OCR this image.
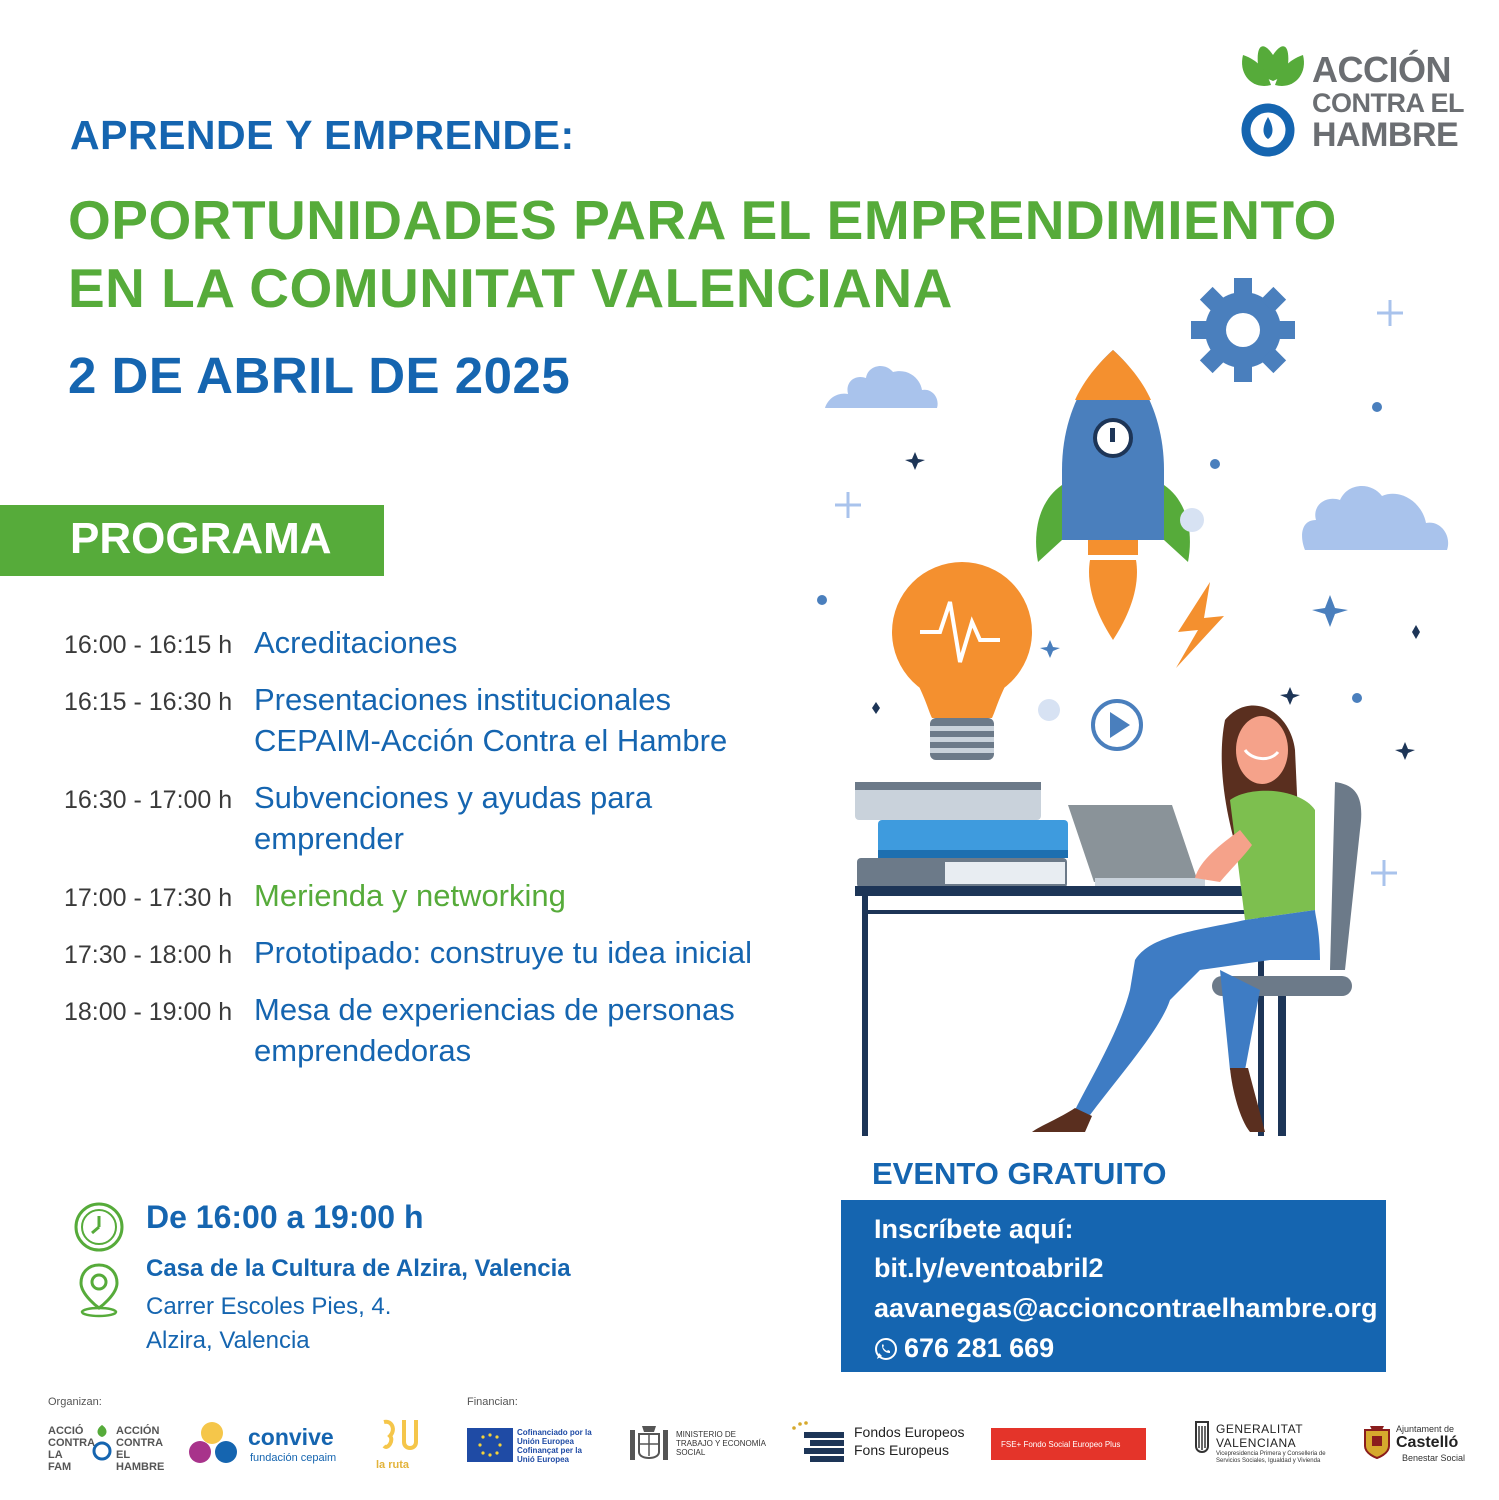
APRENDE Y EMPRENDE:
OPORTUNIDADES PARA EL EMPRENDIMIENTO
EN LA COMUNITAT VALENCIANA
2 DE ABRIL DE 2025
ACCIÓN
CONTRA EL
HAMBRE
PROGRAMA
16:00 - 16:15 h Acreditaciones
16:15 - 16:30 h Presentaciones institucionales
CEPAIM-Acción Contra el Hambre
16:30 - 17:00 h Subvenciones y ayudas para
emprender
17:00 - 17:30 h Merienda y networking
17:30 - 18:00 h Prototipado: construye tu idea inicial
18:00 - 19:00 h Mesa de experiencias de personas
emprendedoras
De 16:00 a 19:00 h
Casa de la Cultura de Alzira, Valencia
Carrer Escoles Pies, 4.
Alzira, Valencia
EVENTO GRATUITO
Inscríbete aquí:
bit.ly/eventoabril2
aavanegas@accioncontraelhambre.org
676 281 669
Organizan:	Financian:
ACCIÓ CONTRA LA FAM
ACCIÓN CONTRA EL HAMBRE
convive
fundación cepaim
la ruta
Cofinanciado por la Unión Europea Cofinançat per la Unió Europea
MINISTERIO DE TRABAJO Y ECONOMÍA SOCIAL
Fondos Europeos
Fons Europeus	FSE+ Fondo Social Europeo Plus
GENERALITAT
VALENCIANA
Vicepresidencia Primera y Conselleria de Servicios Sociales, Igualdad y Vivienda
Ajuntament de
Castelló
Benestar Social
